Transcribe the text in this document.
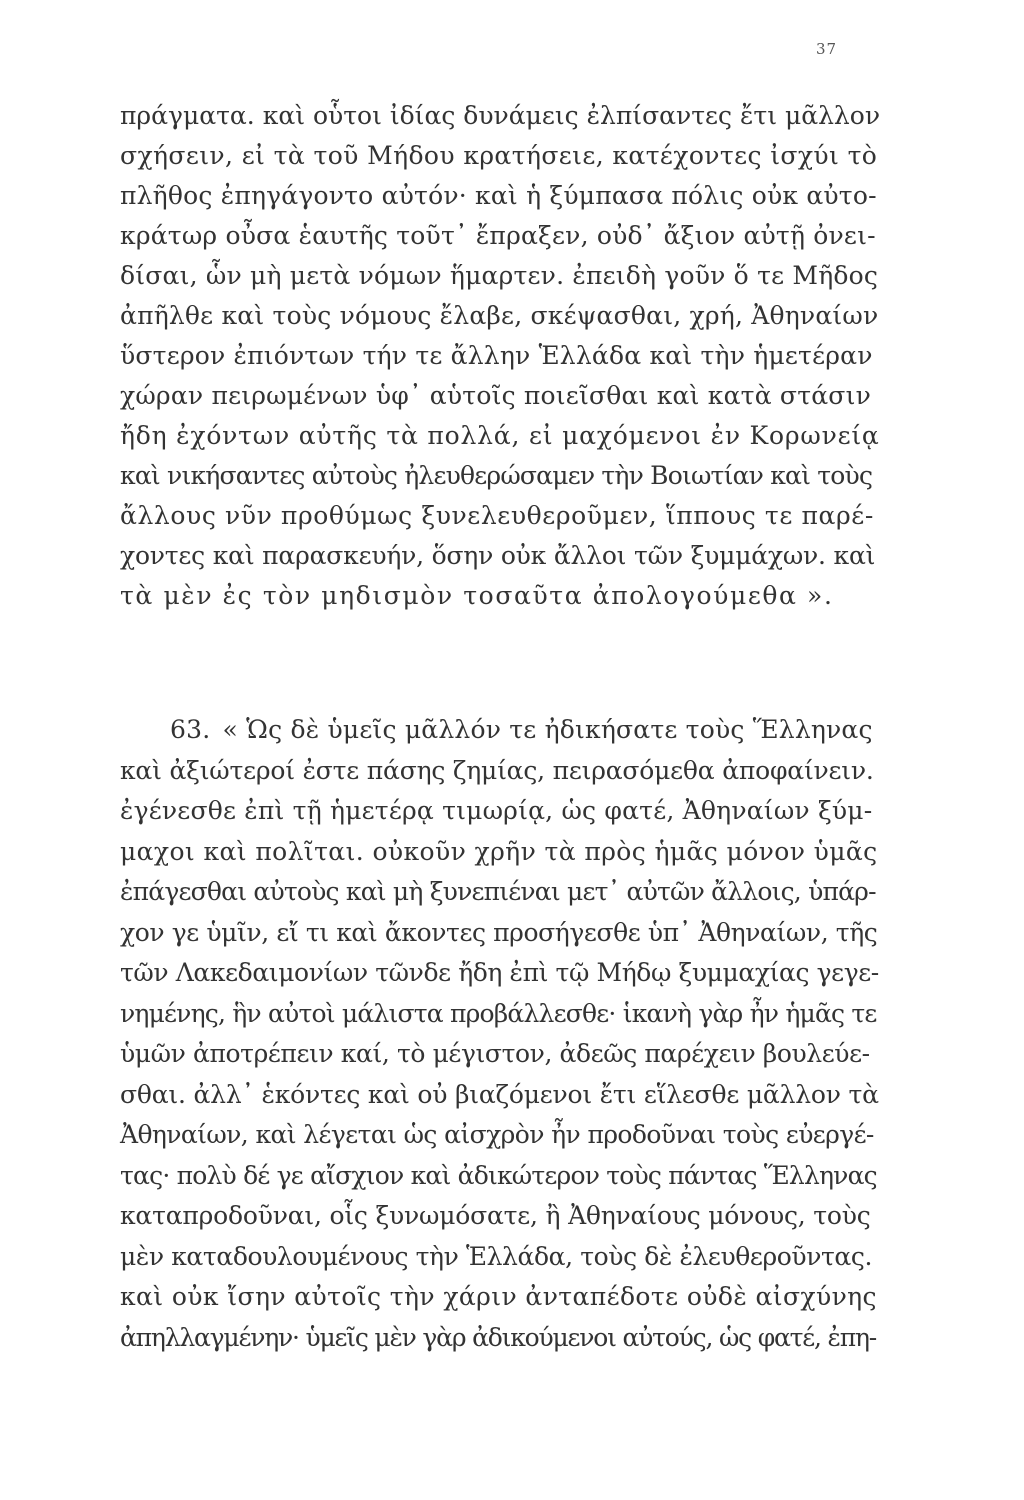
37
πράγματα. καὶ οὗτοι ἰδίας δυνάμεις ἐλπίσαντες ἔτι μᾶλλον
σχήσειν, εἰ τὰ τοῦ Μήδου κρατήσειε, κατέχοντες ἰσχύι τὸ
πλῆθος ἐπηγάγοντο αὐτόν· καὶ ἡ ξύμπασα πόλις οὐκ αὐτο-
κράτωρ οὖσα ἑαυτῆς τοῦτ᾽ ἔπραξεν, οὐδ᾽ ἄξιον αὐτῇ ὀνει-
δίσαι, ὧν μὴ μετὰ νόμων ἥμαρτεν. ἐπειδὴ γοῦν ὅ τε Μῆδος
ἀπῆλθε καὶ τοὺς νόμους ἔλαβε, σκέψασθαι, χρή, Ἀθηναίων
ὕστερον ἐπιόντων τήν τε ἄλλην Ἑλλάδα καὶ τὴν ἡμετέραν
χώραν πειρωμένων ὑφ᾽ αὑτοῖς ποιεῖσθαι καὶ κατὰ στάσιν
ἤδη ἐχόντων αὐτῆς τὰ πολλά, εἰ μαχόμενοι ἐν Κορωνείᾳ
καὶ νικήσαντες αὐτοὺς ἠλευθερώσαμεν τὴν Βοιωτίαν καὶ τοὺς
ἄλλους νῦν προθύμως ξυνελευθεροῦμεν, ἵππους τε παρέ-
χοντες καὶ παρασκευήν, ὅσην οὐκ ἄλλοι τῶν ξυμμάχων. καὶ
τὰ μὲν ἐς τὸν μηδισμὸν τοσαῦτα ἀπολογούμεθα ».
63. « Ὡς δὲ ὑμεῖς μᾶλλόν τε ἠδικήσατε τοὺς Ἕλληνας
καὶ ἀξιώτεροί ἐστε πάσης ζημίας, πειρασόμεθα ἀποφαίνειν.
ἐγένεσθε ἐπὶ τῇ ἡμετέρᾳ τιμωρίᾳ, ὡς φατέ, Ἀθηναίων ξύμ-
μαχοι καὶ πολῖται. οὐκοῦν χρῆν τὰ πρὸς ἡμᾶς μόνον ὑμᾶς
ἐπάγεσθαι αὐτοὺς καὶ μὴ ξυνεπιέναι μετ᾽ αὐτῶν ἄλλοις, ὑπάρ-
χον γε ὑμῖν, εἴ τι καὶ ἄκοντες προσήγεσθε ὑπ᾽ Ἀθηναίων, τῆς
τῶν Λακεδαιμονίων τῶνδε ἤδη ἐπὶ τῷ Μήδῳ ξυμμαχίας γεγε-
νημένης, ἣν αὐτοὶ μάλιστα προβάλλεσθε· ἱκανὴ γὰρ ἦν ἡμᾶς τε
ὑμῶν ἀποτρέπειν καί, τὸ μέγιστον, ἀδεῶς παρέχειν βουλεύε-
σθαι. ἀλλ᾽ ἑκόντες καὶ οὐ βιαζόμενοι ἔτι εἵλεσθε μᾶλλον τὰ
Ἀθηναίων, καὶ λέγεται ὡς αἰσχρὸν ἦν προδοῦναι τοὺς εὐεργέ-
τας· πολὺ δέ γε αἴσχιον καὶ ἀδικώτερον τοὺς πάντας Ἕλληνας
καταπροδοῦναι, οἷς ξυνωμόσατε, ἢ Ἀθηναίους μόνους, τοὺς
μὲν καταδουλουμένους τὴν Ἑλλάδα, τοὺς δὲ ἐλευθεροῦντας.
καὶ οὐκ ἴσην αὐτοῖς τὴν χάριν ἀνταπέδοτε οὐδὲ αἰσχύνης
ἀπηλλαγμένην· ὑμεῖς μὲν γὰρ ἀδικούμενοι αὐτούς, ὡς φατέ, ἐπη-
